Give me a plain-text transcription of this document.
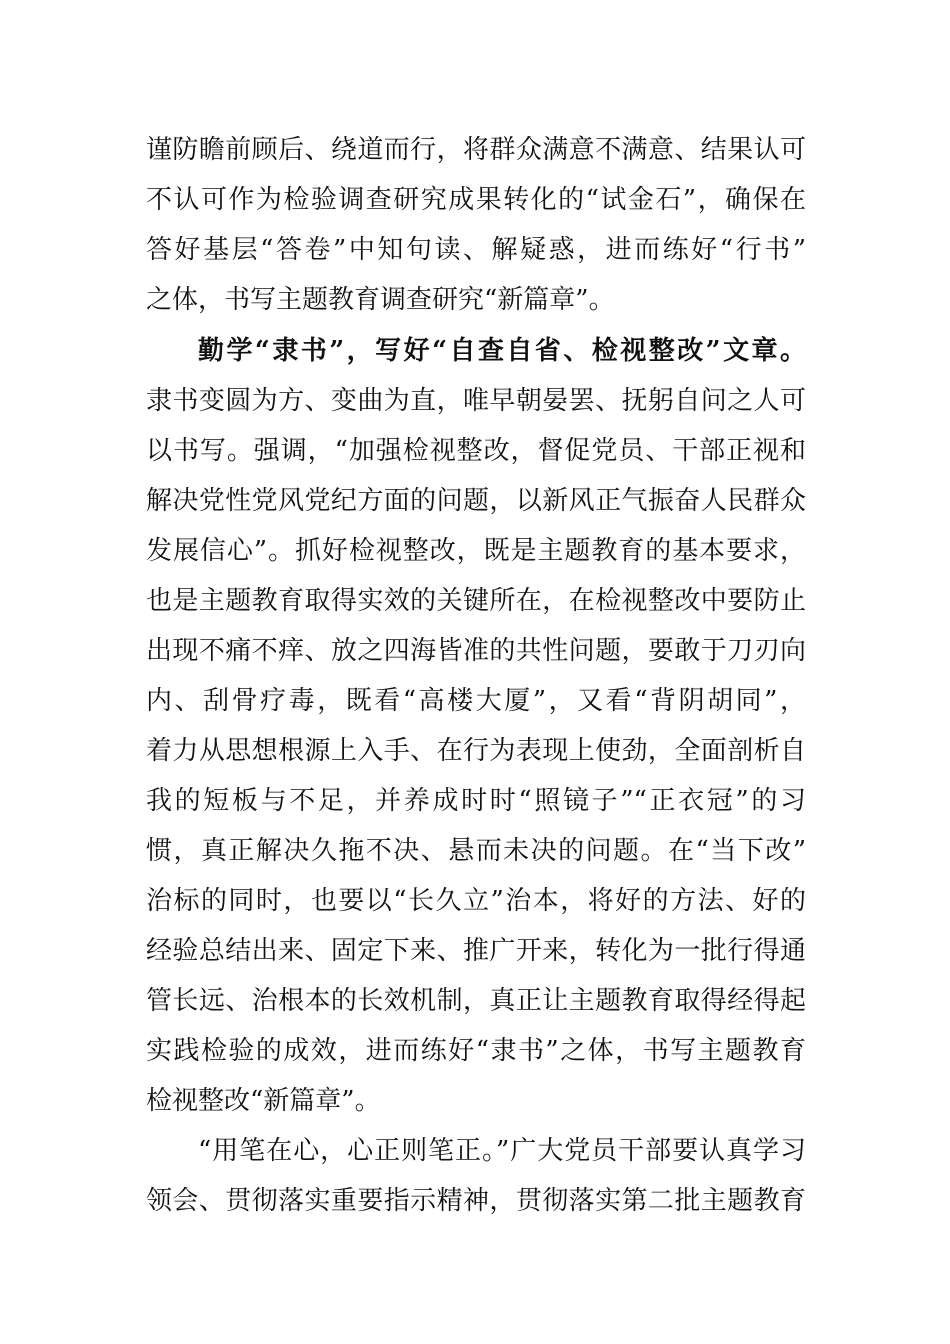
谨防瞻前顾后、绕道而行，将群众满意不满意、结果认可
不认可作为检验调查研究成果转化的“试金石”，确保在
答好基层“答卷”中知句读、解疑惑，进而练好“行书”
之体，书写主题教育调查研究“新篇章”。
勤学“隶书”，写好“自查自省、检视整改”文章。
隶书变圆为方、变曲为直，唯早朝晏罢、抚躬自问之人可
以书写。强调，“加强检视整改，督促党员、干部正视和
解决党性党风党纪方面的问题，以新风正气振奋人民群众
发展信心”。抓好检视整改，既是主题教育的基本要求，
也是主题教育取得实效的关键所在，在检视整改中要防止
出现不痛不痒、放之四海皆准的共性问题，要敢于刀刃向
内、刮骨疗毒，既看“高楼大厦”，又看“背阴胡同”，
着力从思想根源上入手、在行为表现上使劲，全面剖析自
我的短板与不足，并养成时时“照镜子”“正衣冠”的习
惯，真正解决久拖不决、悬而未决的问题。在“当下改”
治标的同时，也要以“长久立”治本，将好的方法、好的
经验总结出来、固定下来、推广开来，转化为一批行得通
管长远、治根本的长效机制，真正让主题教育取得经得起
实践检验的成效，进而练好“隶书”之体，书写主题教育
检视整改“新篇章”。
“用笔在心，心正则笔正。”广大党员干部要认真学习
领会、贯彻落实重要指示精神，贯彻落实第二批主题教育
